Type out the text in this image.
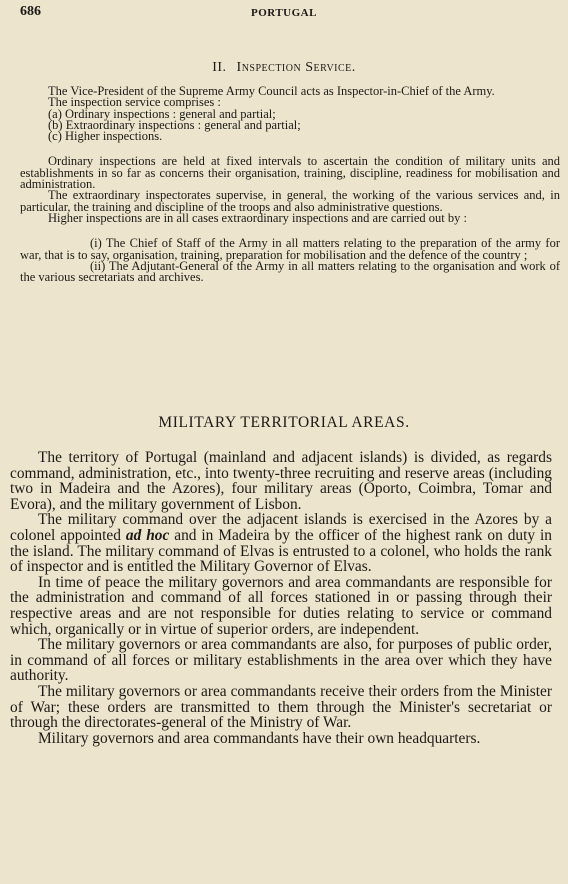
686	PORTUGAL
II. Inspection Service.

The Vice-President of the Supreme Army Council acts as Inspector-in-Chief of the Army.

The inspection service comprises :

(a) Ordinary inspections : general and partial;

(b) Extraordinary inspections : general and partial;

(c) Higher inspections.

Ordinary inspections are held at fixed intervals to ascertain the condition of military units and establishments in so far as concerns their organisation, training, discipline, readiness for mobilisation and administration.

The extraordinary inspectorates supervise, in general, the working of the various services and, in particular, the training and discipline of the troops and also administrative questions.

Higher inspections are in all cases extraordinary inspections and are carried out by :

(i) The Chief of Staff of the Army in all matters relating to the preparation of the army for war, that is to say, organisation, training, preparation for mobilisation and the defence of the country ;

(ii) The Adjutant-General of the Army in all matters relating to the organisation and work of the various secretariats and archives.

MILITARY TERRITORIAL AREAS.

The territory of Portugal (mainland and adjacent islands) is divided, as regards command, administration, etc., into twenty-three recruiting and reserve areas (including two in Madeira and the Azores), four military areas (Oporto, Coimbra, Tomar and Evora), and the military government of Lisbon.

The military command over the adjacent islands is exercised in the Azores by a colonel appointed ad hoc and in Madeira by the officer of the highest rank on duty in the island. The military command of Elvas is entrusted to a colonel, who holds the rank of inspector and is entitled the Military Governor of Elvas.

In time of peace the military governors and area commandants are responsible for the administration and command of all forces stationed in or passing through their respective areas and are not responsible for duties relating to service or command which, organically or in virtue of superior orders, are independent.

The military governors or area commandants are also, for purposes of public order, in command of all forces or military establishments in the area over which they have authority.

The military governors or area commandants receive their orders from the Minister of War; these orders are transmitted to them through the Minister's secretariat or through the directorates-general of the Ministry of War.

Military governors and area commandants have their own headquarters.
